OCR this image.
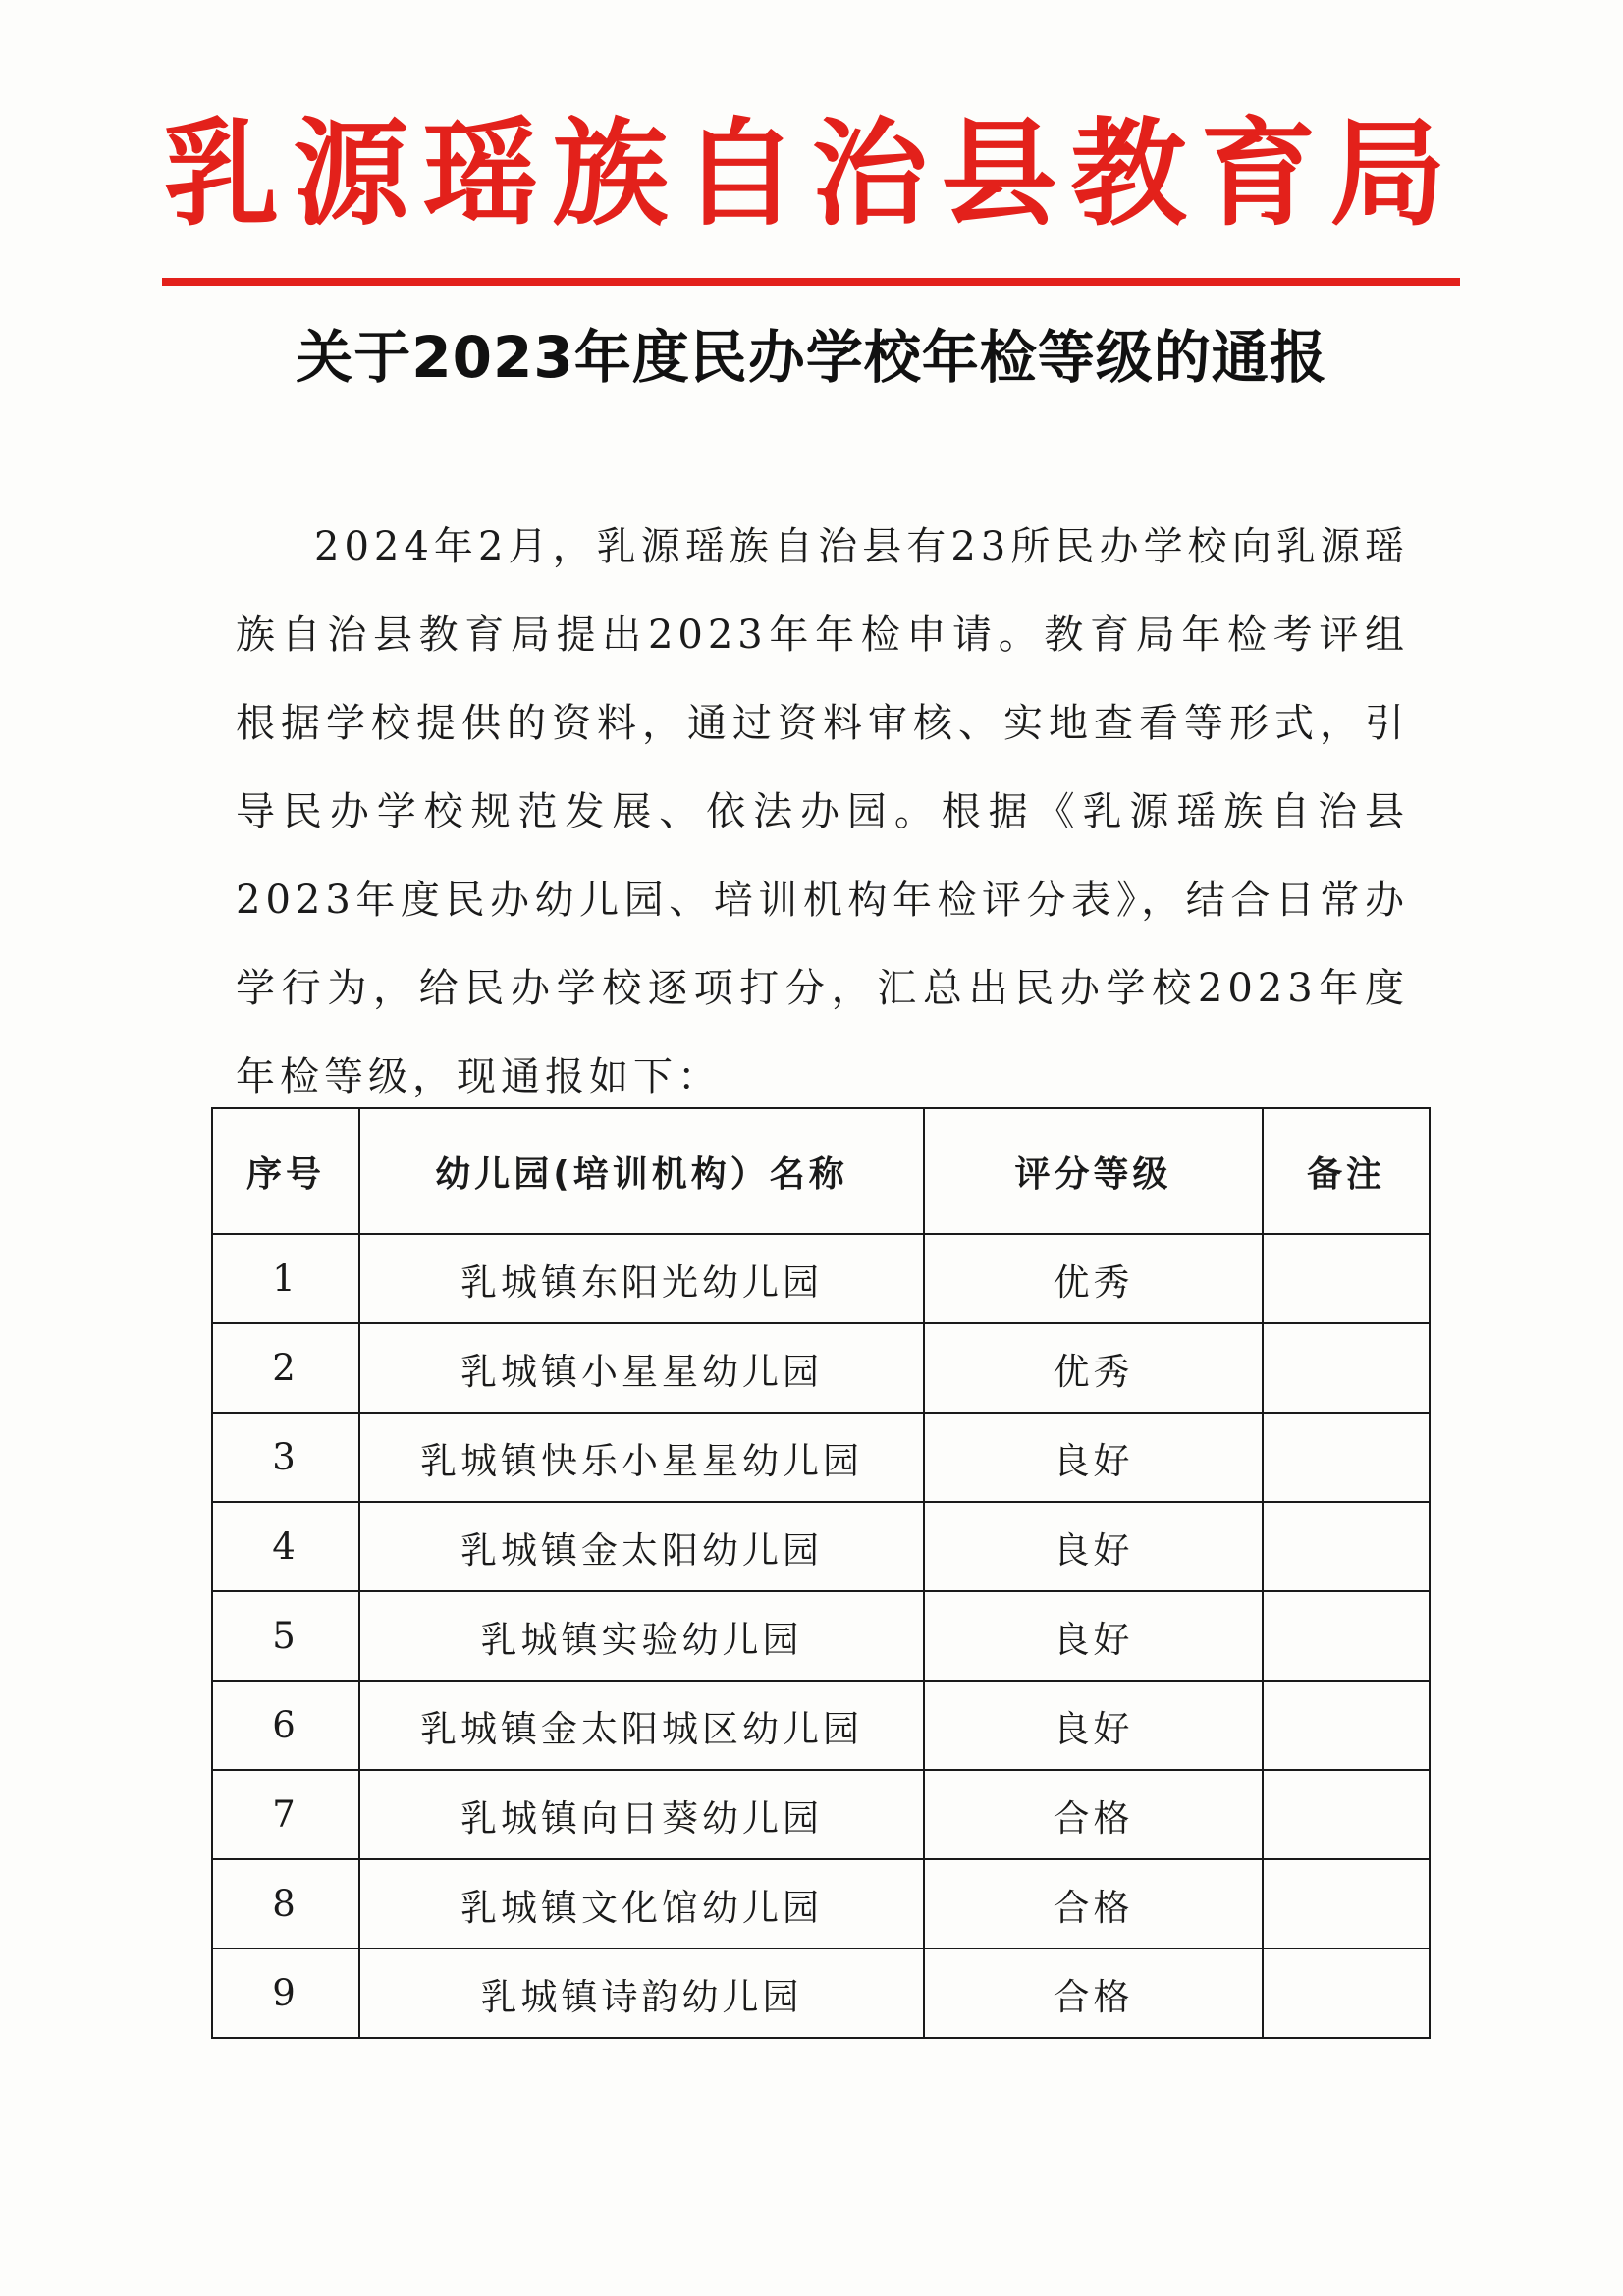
乳源瑶族自治县教育局
关于2023年度民办学校年检等级的通报

2024年2月，乳源瑶族自治县有23所民办学校向乳源瑶族自治县教育局提出2023年年检申请。教育局年检考评组根据学校提供的资料，通过资料审核、实地查看等形式，引导民办学校规范发展、依法办园。根据《乳源瑶族自治县2023年度民办幼儿园、培训机构年检评分表》，结合日常办学行为，给民办学校逐项打分，汇总出民办学校2023年度年检等级，现通报如下：

序号	幼儿园(培训机构）名称	评分等级	备注
1	乳城镇东阳光幼儿园	优秀	
2	乳城镇小星星幼儿园	优秀	
3	乳城镇快乐小星星幼儿园	良好	
4	乳城镇金太阳幼儿园	良好	
5	乳城镇实验幼儿园	良好	
6	乳城镇金太阳城区幼儿园	良好	
7	乳城镇向日葵幼儿园	合格	
8	乳城镇文化馆幼儿园	合格	
9	乳城镇诗韵幼儿园	合格	
